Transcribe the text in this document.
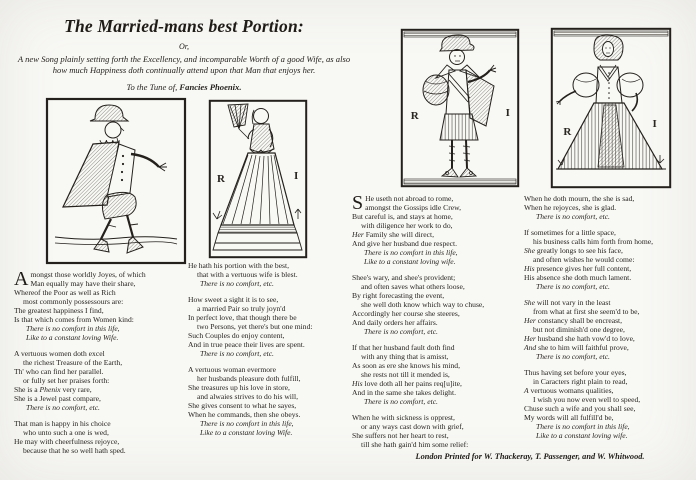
The Married-mans best Portion:
Or,

A new Song plainly setting forth the Excellency, and incomparable Worth of a good Wife, as also how much Happiness doth continually attend upon that Man that enjoys her.

To the Tune of, Fancies Phoenix.
R	I
R	I
R
I
A mongst those worldly Joyes, of which
Man equally may have their share,
Whereof the Poor as well as Rich
most commonly possessours are:
The greatest happiness I find,
Is that which comes from Women kind:
There is no comfort in this life,
Like to a constant loving Wife.
A vertuous women doth excel
the richest Treasure of the Earth,
Th' who can find her parallel.
or fully set her praises forth:
She is a Phenix very rare,
She is a Jewel past compare,
There is no comfort, etc.
That man is happy in his choice
who unto such a one is wed,
He may with cheerfulness rejoyce,
because that he so well hath sped.
He hath his portion with the best,
that with a vertuous wife is blest.
There is no comfort, etc.
How sweet a sight it is to see,
a married Pair so truly joyn'd
In perfect love, that though there be
two Persons, yet there's but one mind:
Such Couples do enjoy content,
And in true peace their lives are spent.
There is no comfort, etc.
A vertuous woman evermore
her husbands pleasure doth fulfill,
She treasures up his love in store,
and alwaies strives to do his will,
She gives consent to what he sayes,
When he commands, then she obeys.
There is no comfort in this life,
Like to a constant loving Wife.
S He useth not abroad to rome,
amongst the Gossips idle Crew,
But careful is, and stays at home,
with diligence her work to do,
Her Family she will direct,
And give her husband due respect.
There is no comfort in this life,
Like to a constant loving wife.
Shee's wary, and shee's provident;
and often saves what others loose,
By right forecasting the event,
she well doth know which way to chuse,
Accordingly her course she steeres,
And daily orders her affairs.
There is no comfort, etc.
If that her husband fault doth find
with any thing that is amisst,
As soon as ere she knows his mind,
she rests not till it mended is,
His love doth all her pains req[u]ite,
And in the same she takes delight.
There is no comfort, etc.
When he with sickness is opprest,
or any ways cast down with grief,
She suffers not her heart to rest,
till she hath gain'd him some relief:
When he doth mourn, the she is sad,
When he rejoyces, she is glad.
There is no comfort, etc.
If sometimes for a little space,
his business calls him forth from home,
She greatly longs to see his face,
and often wishes he would come:
His presence gives her full content,
His absence she doth much lament.
There is no comfort, etc.
She will not vary in the least
from what at first she seem'd to be,
Her constancy shall be encreast,
but not diminish'd one degree,
Her husband she hath vow'd to love,
And she to him will faithful prove,
There is no comfort, etc.
Thus having set before your eyes,
in Caracters right plain to read,
A vertuous womans qualities,
I wish you now even well to speed,
Chuse such a wife and you shall see,
My words will all fulfill'd be,
There is no comfort in this life,
Like to a constant loving wife.
London Printed for W. Thackeray, T. Passenger, and W. Whitwood.
